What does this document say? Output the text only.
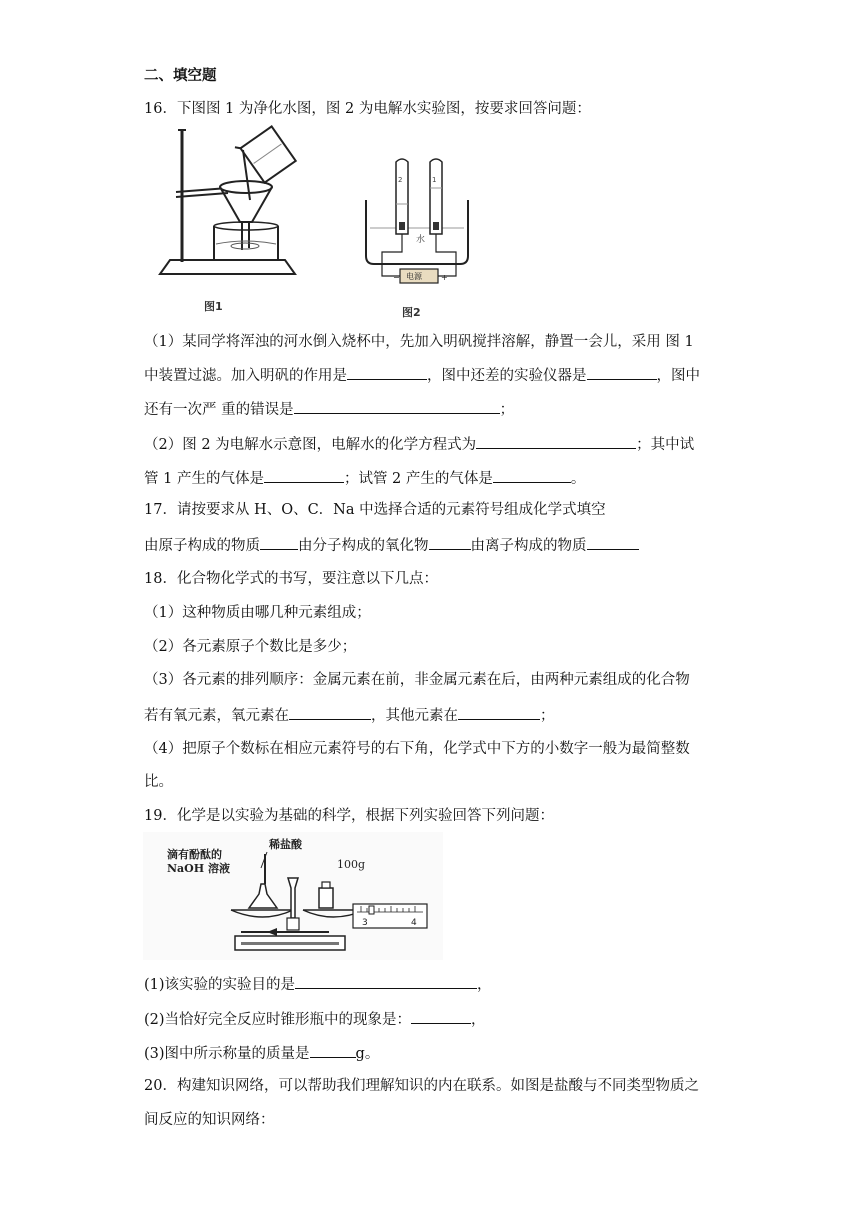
二、填空题
16．下图图 1 为净化水图，图 2 为电解水实验图，按要求回答问题：
图1
−	+
电源
水
2	1
图2
（1）某同学将浑浊的河水倒入烧杯中，先加入明矾搅拌溶解，静置一会儿，采用 图 1
中装置过滤。加入明矾的作用是	，图中还差的实验仪器是	，图中
还有一次严 重的错误是	；
（2）图 2 为电解水示意图，电解水的化学方程式为	；其中试
管 1 产生的气体是	；试管 2 产生的气体是	。
17．请按要求从 H、O、C．Na 中选择合适的元素符号组成化学式填空
由原子构成的物质	由分子构成的氧化物	由离子构成的物质
18．化合物化学式的书写，要注意以下几点：
（1）这种物质由哪几种元素组成；
（2）各元素原子个数比是多少；
（3）各元素的排列顺序：金属元素在前，非金属元素在后，由两种元素组成的化合物
若有氧元素，氧元素在	，其他元素在	；
（4）把原子个数标在相应元素符号的右下角，化学式中下方的小数字一般为最简整数
比。
19．化学是以实验为基础的科学，根据下列实验回答下列问题：
滴有酚酞的
NaOH 溶液
稀盐酸
100g
3	4
(1)该实验的实验目的是	，
(2)当恰好完全反应时锥形瓶中的现象是：	，
(3)图中所示称量的质量是	g。
20．构建知识网络，可以帮助我们理解知识的内在联系。如图是盐酸与不同类型物质之
间反应的知识网络：
